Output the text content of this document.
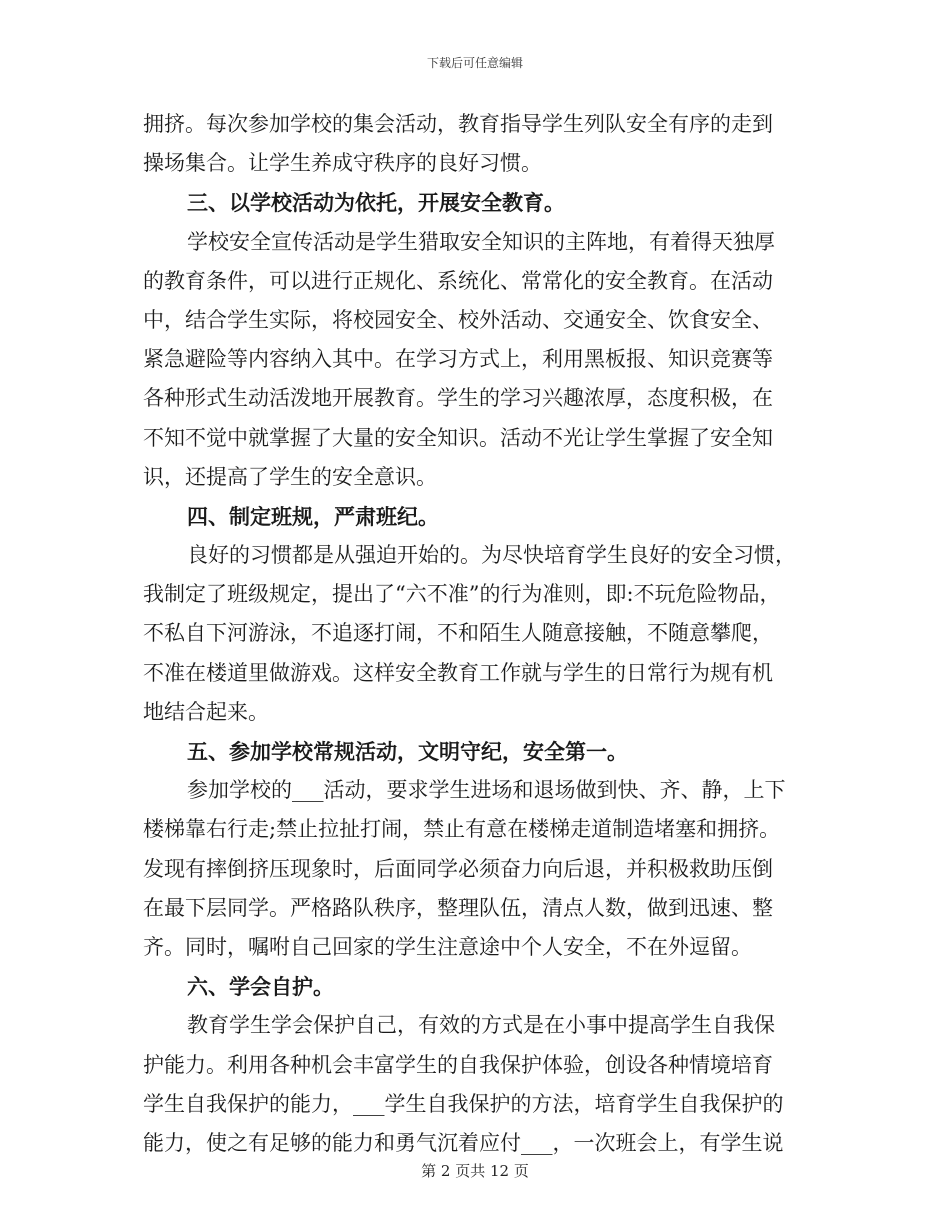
下载后可任意编辑
拥挤。每次参加学校的集会活动，教育指导学生列队安全有序的走到
操场集合。让学生养成守秩序的良好习惯。
三、以学校活动为依托，开展安全教育。
学校安全宣传活动是学生猎取安全知识的主阵地，有着得天独厚
的教育条件，可以进行正规化、系统化、常常化的安全教育。在活动
中，结合学生实际，将校园安全、校外活动、交通安全、饮食安全、
紧急避险等内容纳入其中。在学习方式上，利用黑板报、知识竞赛等
各种形式生动活泼地开展教育。学生的学习兴趣浓厚，态度积极，在
不知不觉中就掌握了大量的安全知识。活动不光让学生掌握了安全知
识，还提高了学生的安全意识。
四、制定班规，严肃班纪。
良好的习惯都是从强迫开始的。为尽快培育学生良好的安全习惯，
我制定了班级规定，提出了“六不准”的行为准则，即:不玩危险物品，
不私自下河游泳，不追逐打闹，不和陌生人随意接触，不随意攀爬，
不准在楼道里做游戏。这样安全教育工作就与学生的日常行为规有机
地结合起来。
五、参加学校常规活动，文明守纪，安全第一。
参加学校的___活动，要求学生进场和退场做到快、齐、静，上下
楼梯靠右行走;禁止拉扯打闹，禁止有意在楼梯走道制造堵塞和拥挤。
发现有摔倒挤压现象时，后面同学必须奋力向后退，并积极救助压倒
在最下层同学。严格路队秩序，整理队伍，清点人数，做到迅速、整
齐。同时，嘱咐自己回家的学生注意途中个人安全，不在外逗留。
六、学会自护。
教育学生学会保护自己，有效的方式是在小事中提高学生自我保
护能力。利用各种机会丰富学生的自我保护体验，创设各种情境培育
学生自我保护的能力，___学生自我保护的方法，培育学生自我保护的
能力，使之有足够的能力和勇气沉着应付___，一次班会上，有学生说
第 2 页共 12 页
